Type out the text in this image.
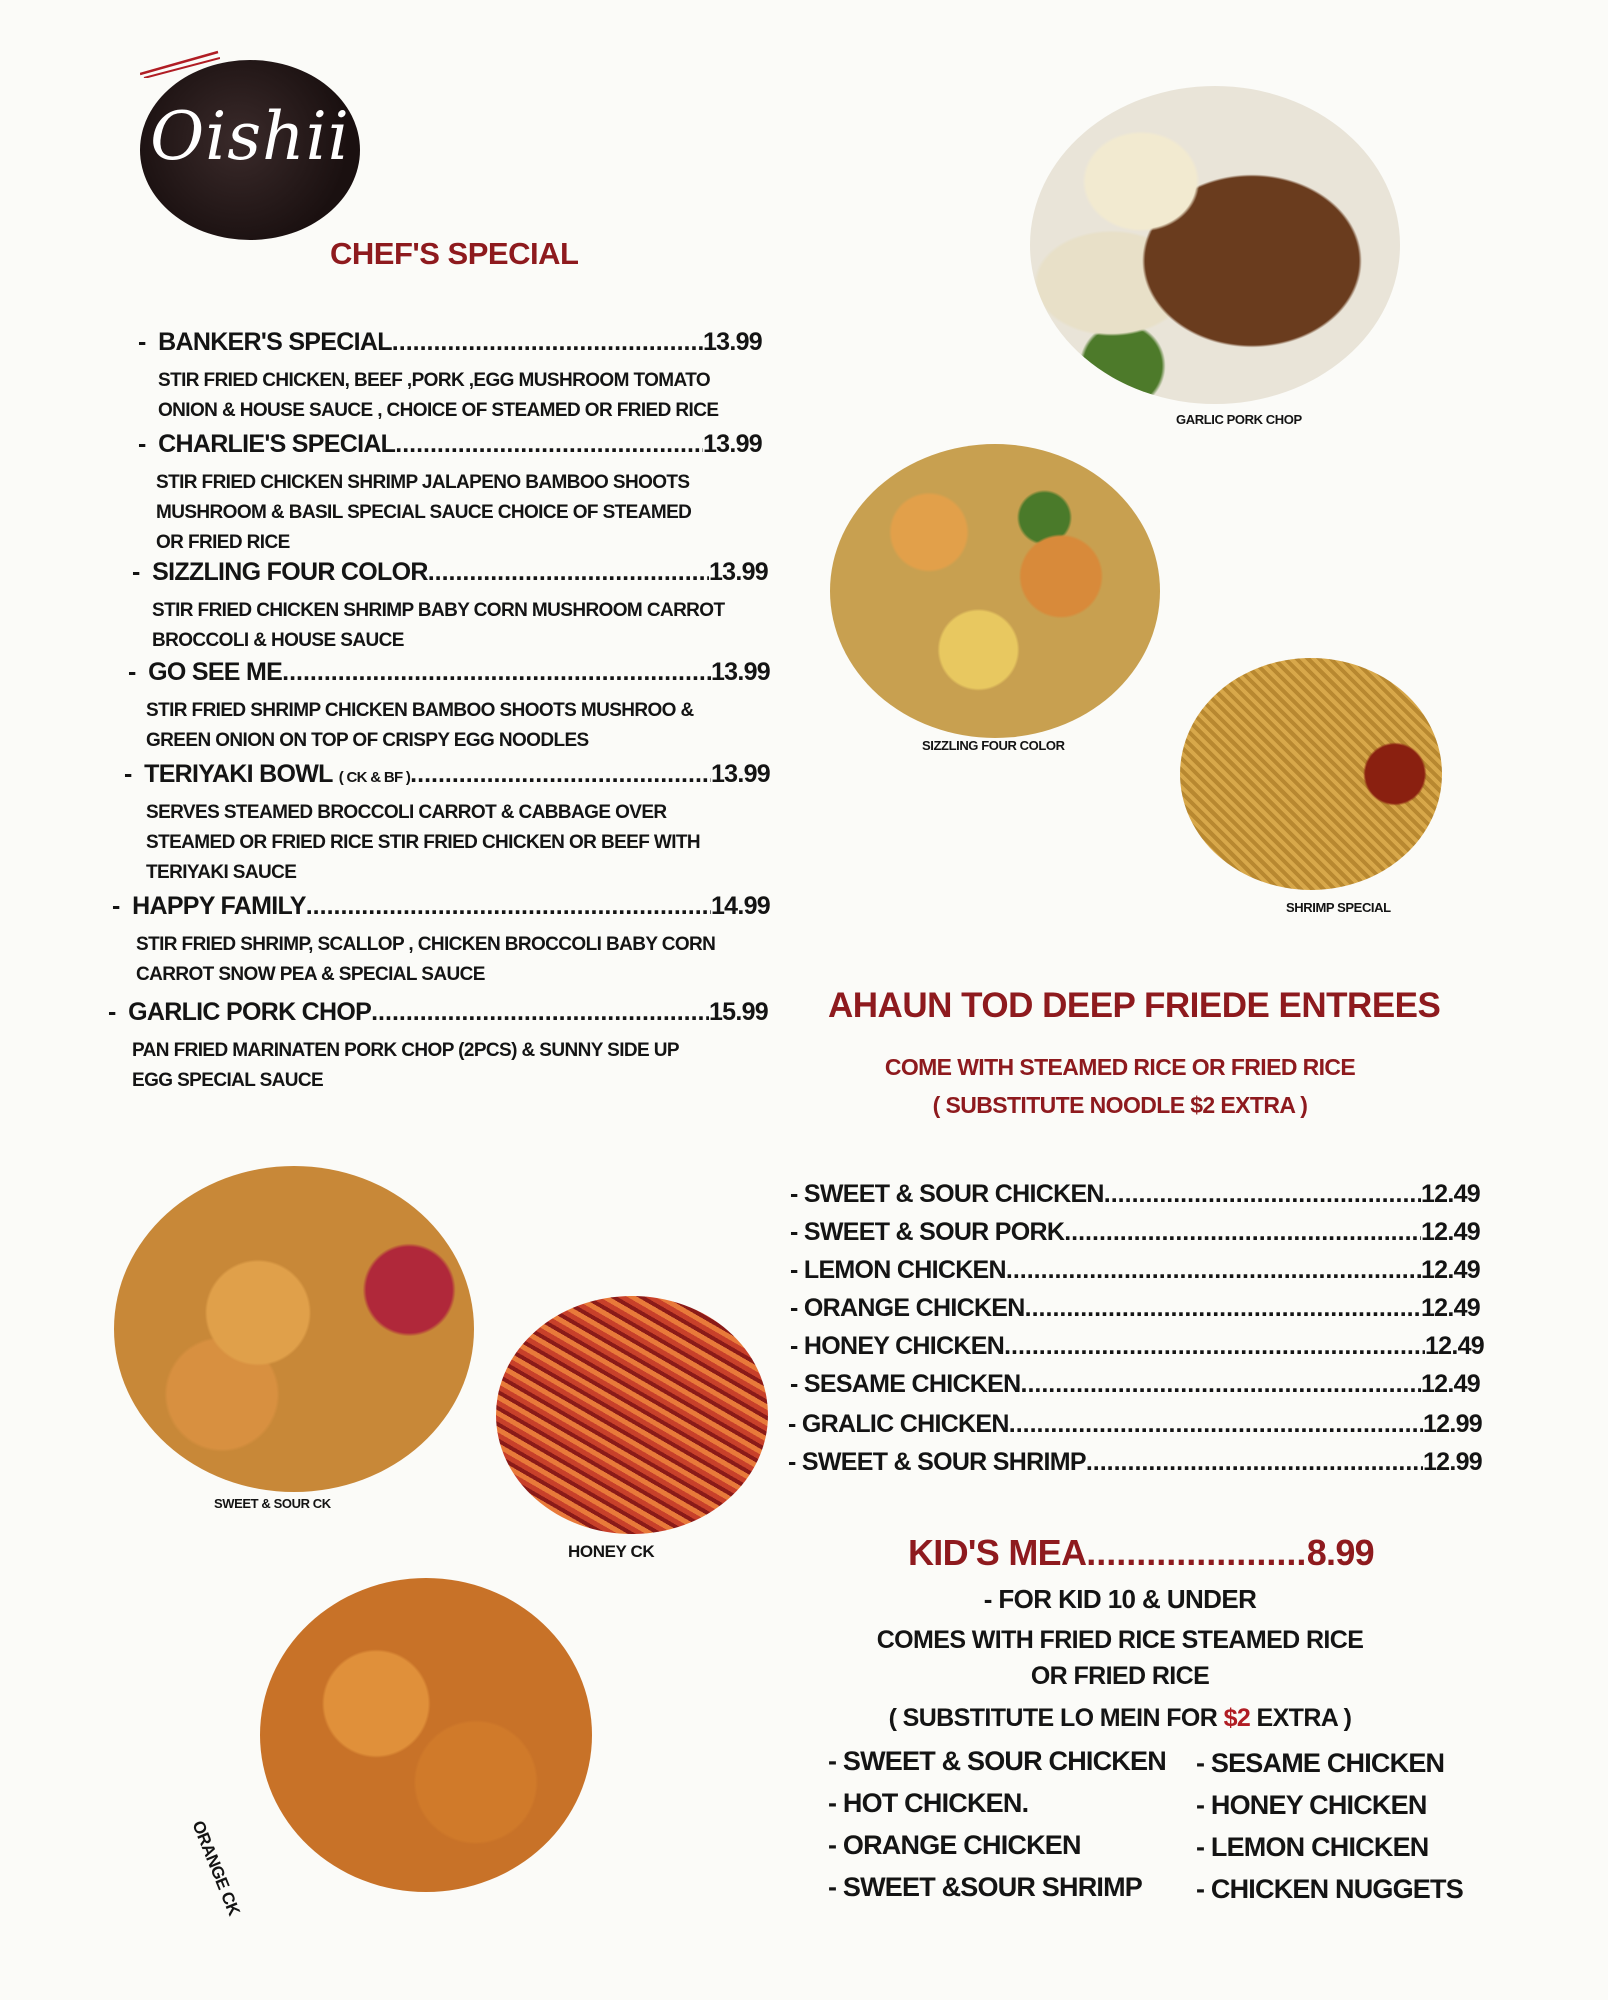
Oishii
CHEF'S SPECIAL
- BANKER'S SPECIAL .....	13.99
STIR FRIED CHICKEN, BEEF ,PORK ,EGG MUSHROOM TOMATO
ONION & HOUSE SAUCE , CHOICE OF STEAMED OR FRIED RICE
- CHARLIE'S SPECIAL .....	13.99
STIR FRIED CHICKEN SHRIMP JALAPENO BAMBOO SHOOTS
MUSHROOM & BASIL SPECIAL SAUCE CHOICE OF STEAMED
OR FRIED RICE
- SIZZLING FOUR COLOR .....	13.99
STIR FRIED CHICKEN SHRIMP BABY CORN MUSHROOM CARROT
BROCCOLI & HOUSE SAUCE
- GO SEE ME .....	13.99
STIR FRIED SHRIMP CHICKEN BAMBOO SHOOTS MUSHROO &
GREEN ONION ON TOP OF CRISPY EGG NOODLES
- TERIYAKI BOWL ( CK & BF ) .....	13.99
SERVES STEAMED BROCCOLI CARROT & CABBAGE OVER
STEAMED OR FRIED RICE STIR FRIED CHICKEN OR BEEF WITH
TERIYAKI SAUCE
- HAPPY FAMILY .....	14.99
STIR FRIED SHRIMP, SCALLOP , CHICKEN BROCCOLI BABY CORN
CARROT SNOW PEA & SPECIAL SAUCE
- GARLIC PORK CHOP .....	15.99
PAN FRIED MARINATEN PORK CHOP (2PCS) & SUNNY SIDE UP
EGG SPECIAL SAUCE
GARLIC PORK CHOP
SIZZLING FOUR COLOR
SHRIMP SPECIAL
SWEET & SOUR CK
HONEY CK
ORANGE CK
AHAUN TOD DEEP FRIEDE ENTREES
COME WITH STEAMED RICE OR FRIED RICE
( SUBSTITUTE NOODLE $2 EXTRA )
- SWEET & SOUR CHICKEN .....	12.49
- SWEET & SOUR PORK .....	12.49
- LEMON CHICKEN .....	12.49
- ORANGE CHICKEN .....	12.49
- HONEY CHICKEN .....	12.49
- SESAME CHICKEN .....	12.49
- GRALIC CHICKEN .....	12.99
- SWEET & SOUR SHRIMP .....	12.99
KID'S MEA .....	8.99
- FOR KID 10 & UNDER
COMES WITH FRIED RICE STEAMED RICE
OR FRIED RICE
( SUBSTITUTE LO MEIN FOR $2 EXTRA )
- SWEET & SOUR CHICKEN
- HOT CHICKEN.
- ORANGE CHICKEN
- SWEET &SOUR SHRIMP
- SESAME CHICKEN
- HONEY CHICKEN
- LEMON CHICKEN
- CHICKEN NUGGETS
